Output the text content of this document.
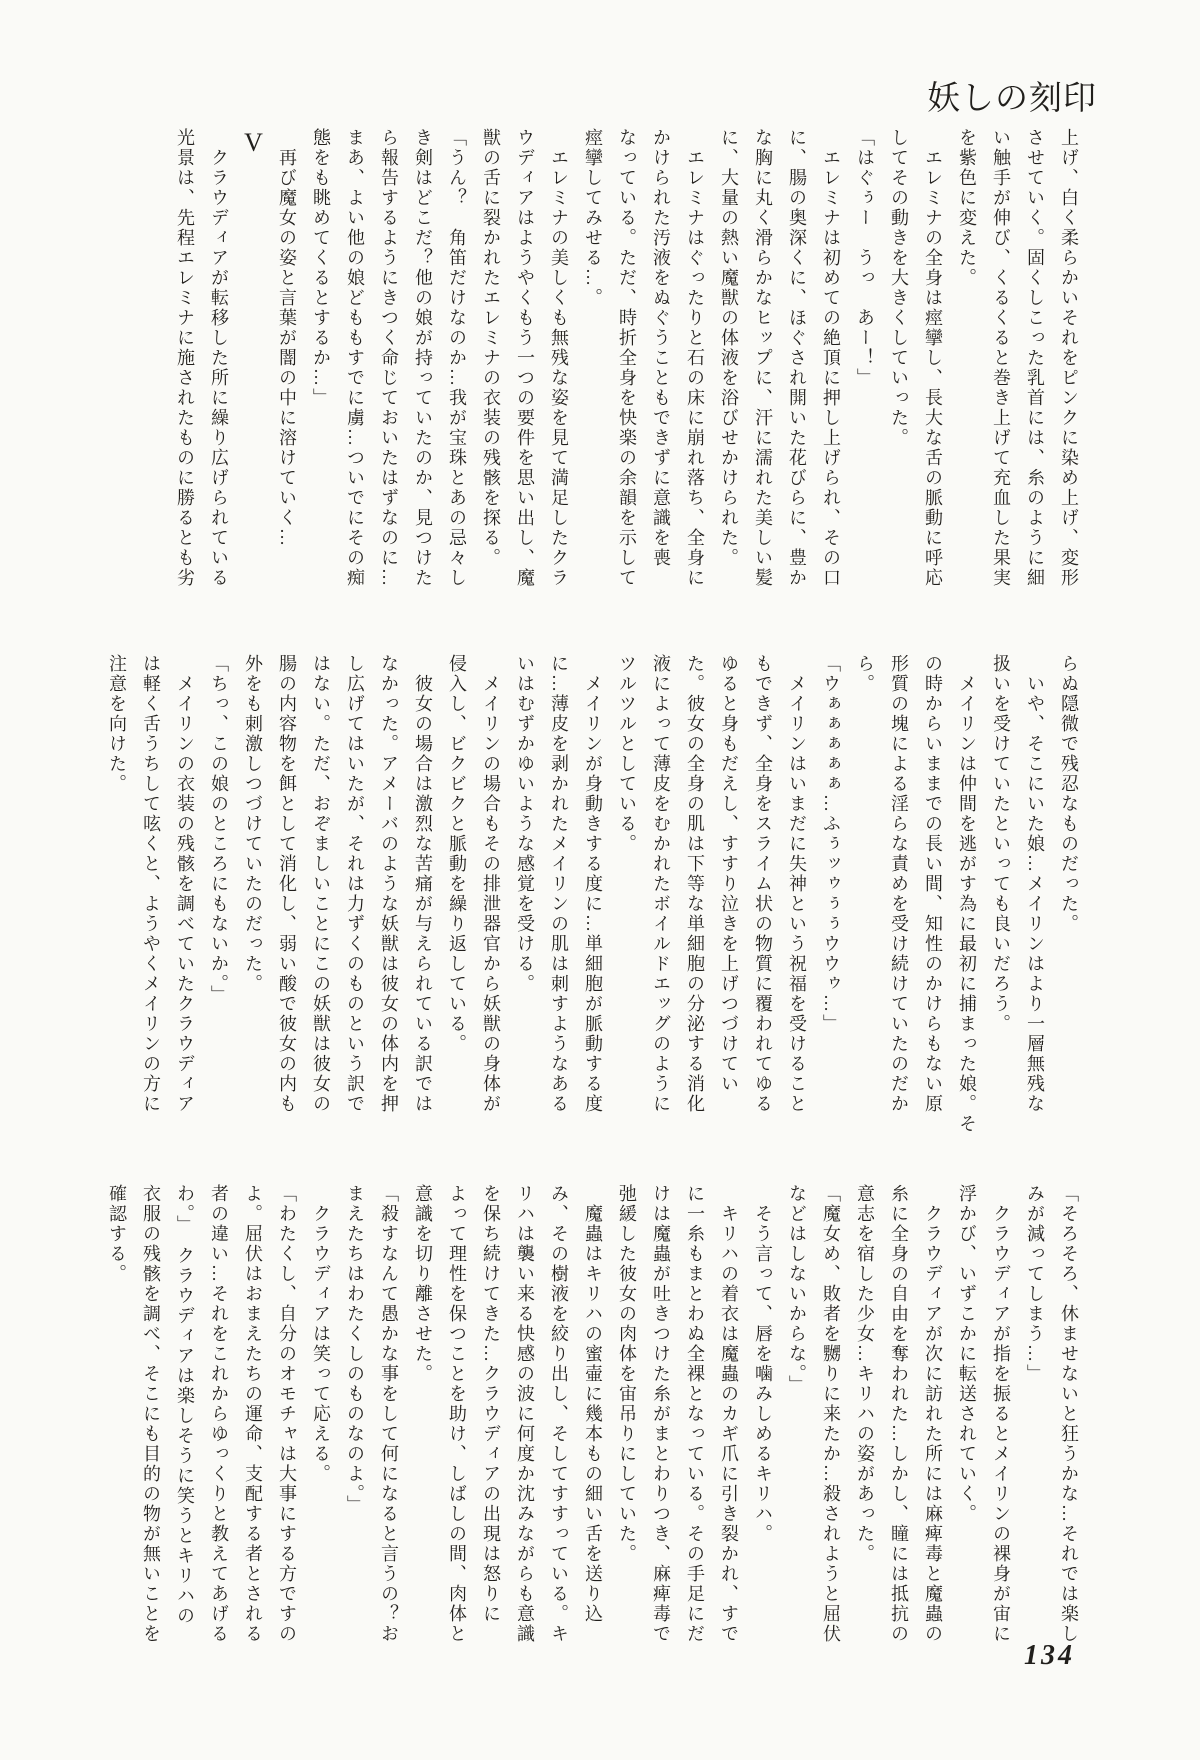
妖しの刻印

上げ、白く柔らかいそれをピンクに染め上げ、変形

させていく。固くしこった乳首には、糸のように細

い触手が伸び、くるくると巻き上げて充血した果実

を紫色に変えた。

　エレミナの全身は痙攣し、長大な舌の脈動に呼応

してその動きを大きくしていった。

「はぐぅー　うっ　あー！」

　エレミナは初めての絶頂に押し上げられ、その口

に、腸の奥深くに、ほぐされ開いた花びらに、豊か

な胸に丸く滑らかなヒップに、汗に濡れた美しい髪

に、大量の熱い魔獣の体液を浴びせかけられた。

　エレミナはぐったりと石の床に崩れ落ち、全身に

かけられた汚液をぬぐうこともできずに意識を喪

なっている。ただ、時折全身を快楽の余韻を示して

痙攣してみせる…。

　エレミナの美しくも無残な姿を見て満足したクラ

ウディアはようやくもう一つの要件を思い出し、魔

獣の舌に裂かれたエレミナの衣装の残骸を探る。

「うん？　角笛だけなのか…我が宝珠とあの忌々し

き剣はどこだ？他の娘が持っていたのか、見つけた

ら報告するようにきつく命じておいたはずなのに…

まあ、よい他の娘どももすでに虜…ついでにその痴

態をも眺めてくるとするか…」

　再び魔女の姿と言葉が闇の中に溶けていく…

V

　クラウディアが転移した所に繰り広げられている

光景は、先程エレミナに施されたものに勝るとも劣

らぬ隠微で残忍なものだった。

　いや、そこにいた娘…メイリンはより一層無残な

扱いを受けていたといっても良いだろう。

　メイリンは仲間を逃がす為に最初に捕まった娘。そ

の時からいままでの長い間、知性のかけらもない原

形質の塊による淫らな責めを受け続けていたのだか

ら。

「ウぁぁぁぁぁ…ふぅッゥぅぅウウゥ…」

　メイリンはいまだに失神という祝福を受けること

もできず、全身をスライム状の物質に覆われてゆる

ゆると身もだえし、すすり泣きを上げつづけてい

た。彼女の全身の肌は下等な単細胞の分泌する消化

液によって薄皮をむかれたボイルドエッグのように

ツルツルとしている。

　メイリンが身動きする度に…単細胞が脈動する度

に…薄皮を剥かれたメイリンの肌は刺すようなある

いはむずかゆいような感覚を受ける。

　メイリンの場合もその排泄器官から妖獣の身体が

侵入し、ビクビクと脈動を繰り返している。

　彼女の場合は激烈な苦痛が与えられている訳では

なかった。アメーバのような妖獣は彼女の体内を押

し広げてはいたが、それは力ずくのものという訳で

はない。ただ、おぞましいことにこの妖獣は彼女の

腸の内容物を餌として消化し、弱い酸で彼女の内も

外をも刺激しつづけていたのだった。

「ちっ、この娘のところにもないか。」

　メイリンの衣装の残骸を調べていたクラウディア

は軽く舌うちして呟くと、ようやくメイリンの方に

注意を向けた。

「そろそろ、休ませないと狂うかな…それでは楽し

みが減ってしまう…」

　クラウディアが指を振るとメイリンの裸身が宙に

浮かび、いずこかに転送されていく。

　クラウディアが次に訪れた所には麻痺毒と魔蟲の

糸に全身の自由を奪われた…しかし、瞳には抵抗の

意志を宿した少女…キリハの姿があった。

「魔女め、敗者を嬲りに来たか…殺されようと屈伏

などはしないからな。」

　そう言って、唇を噛みしめるキリハ。

　キリハの着衣は魔蟲のカギ爪に引き裂かれ、すで

に一糸もまとわぬ全裸となっている。その手足にだ

けは魔蟲が吐きつけた糸がまとわりつき、麻痺毒で

弛緩した彼女の肉体を宙吊りにしていた。

　魔蟲はキリハの蜜壷に幾本もの細い舌を送り込

み、その樹液を絞り出し、そしてすすっている。キ

リハは襲い来る快感の波に何度か沈みながらも意識

を保ち続けてきた…クラウディアの出現は怒りに

よって理性を保つことを助け、しばしの間、肉体と

意識を切り離させた。

「殺すなんて愚かな事をして何になると言うの？お

まえたちはわたくしのものなのよ。」

　クラウディアは笑って応える。

「わたくし、自分のオモチャは大事にする方ですの

よ。屈伏はおまえたちの運命、支配する者とされる

者の違い…それをこれからゆっくりと教えてあげる

わ。」　クラウディアは楽しそうに笑うとキリハの

衣服の残骸を調べ、そこにも目的の物が無いことを

確認する。

134
